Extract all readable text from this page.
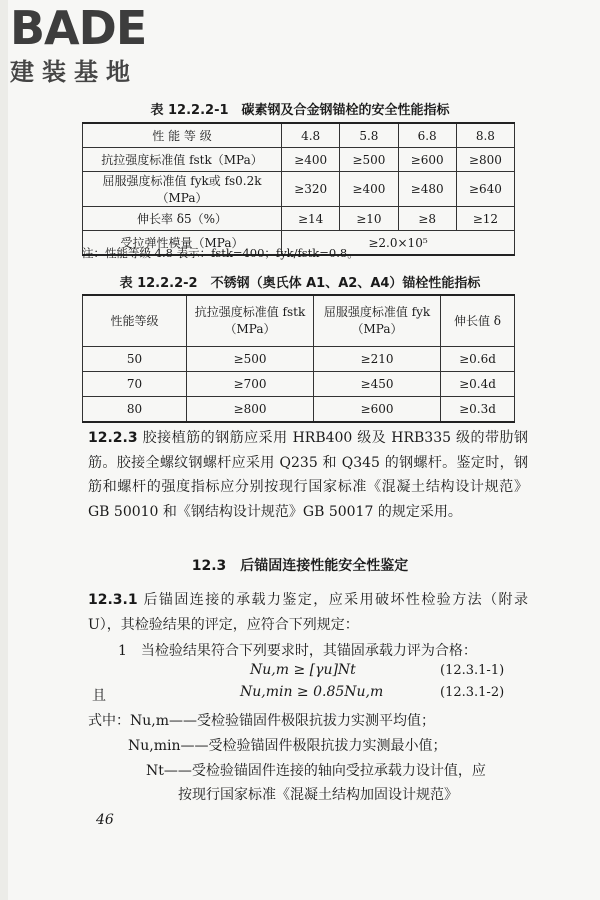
BADE
建装基地
表 12.2.2-1　碳素钢及合金钢锚栓的安全性能指标
性 能 等 级	4.8	5.8	6.8	8.8
抗拉强度标准值 fstk（MPa）	≥400	≥500	≥600	≥800
屈服强度标准值 fyk或 fs0.2k（MPa）	≥320	≥400	≥480	≥640
伸长率 δ5（%）	≥14	≥10	≥8	≥12
受拉弹性模量（MPa）	≥2.0×10⁵			
注：性能等级 4.8 表示：fstk=400；fyk/fstk=0.8。
表 12.2.2-2　不锈钢（奥氏体 A1、A2、A4）锚栓性能指标
性能等级	抗拉强度标准值 fstk（MPa）	屈服强度标准值 fyk（MPa）	伸长值 δ
50	≥500	≥210	≥0.6d
70	≥700	≥450	≥0.4d
80	≥800	≥600	≥0.3d
12.2.3 胶接植筋的钢筋应采用 HRB400 级及 HRB335 级的带肋钢筋。胶接全螺纹钢螺杆应采用 Q235 和 Q345 的钢螺杆。鉴定时，钢筋和螺杆的强度指标应分别按现行国家标准《混凝土结构设计规范》GB 50010 和《钢结构设计规范》GB 50017 的规定采用。
12.3　后锚固连接性能安全性鉴定
12.3.1 后锚固连接的承载力鉴定，应采用破坏性检验方法（附录 U），其检验结果的评定，应符合下列规定：
1　当检验结果符合下列要求时，其锚固承载力评为合格：
Nu,m ≥ [γu]Nt	(12.3.1-1)
且	Nu,min ≥ 0.85Nu,m	(12.3.1-2)
式中：Nu,m——受检验锚固件极限抗拔力实测平均值；
Nu,min——受检验锚固件极限抗拔力实测最小值；
Nt——受检验锚固件连接的轴向受拉承载力设计值，应
按现行国家标准《混凝土结构加固设计规范》
46
